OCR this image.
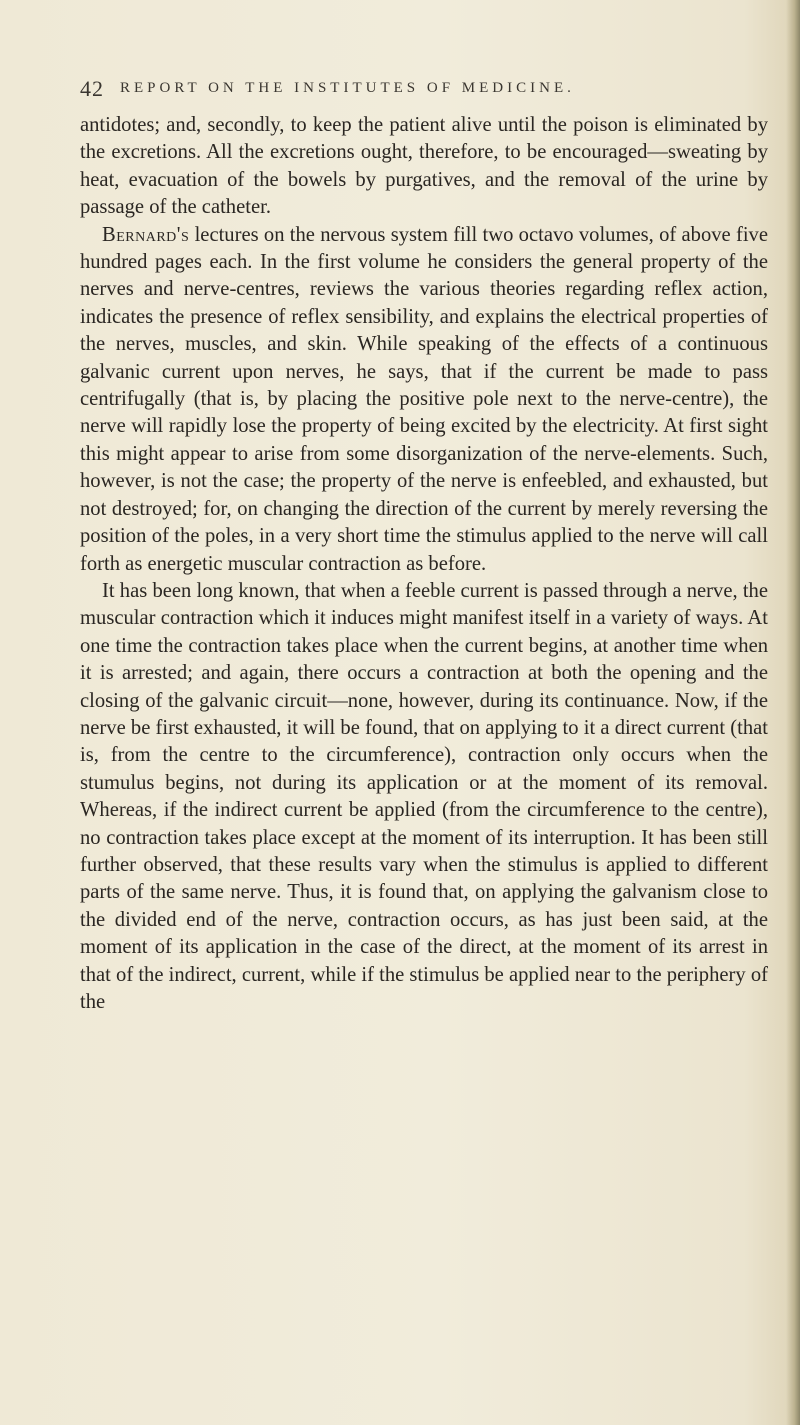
42 REPORT ON THE INSTITUTES OF MEDICINE.

antidotes; and, secondly, to keep the patient alive until the poison is eliminated by the excretions. All the excretions ought, therefore, to be encouraged—sweating by heat, evacuation of the bowels by purgatives, and the removal of the urine by passage of the catheter.

Bernard's lectures on the nervous system fill two octavo volumes, of above five hundred pages each. In the first volume he considers the general property of the nerves and nerve-centres, reviews the various theories regarding reflex action, indicates the presence of reflex sensibility, and explains the electrical properties of the nerves, muscles, and skin. While speaking of the effects of a continuous galvanic current upon nerves, he says, that if the current be made to pass centrifugally (that is, by placing the positive pole next to the nerve-centre), the nerve will rapidly lose the property of being excited by the electricity. At first sight this might appear to arise from some disorganization of the nerve-elements. Such, however, is not the case; the property of the nerve is enfeebled, and exhausted, but not destroyed; for, on changing the direction of the current by merely reversing the position of the poles, in a very short time the stimulus applied to the nerve will call forth as energetic muscular contraction as before.

It has been long known, that when a feeble current is passed through a nerve, the muscular contraction which it induces might manifest itself in a variety of ways. At one time the contraction takes place when the current begins, at another time when it is arrested; and again, there occurs a contraction at both the opening and the closing of the galvanic circuit—none, however, during its continuance. Now, if the nerve be first exhausted, it will be found, that on applying to it a direct current (that is, from the centre to the circumference), contraction only occurs when the stumulus begins, not during its application or at the moment of its removal. Whereas, if the indirect current be applied (from the circumference to the centre), no contraction takes place except at the moment of its interruption. It has been still further observed, that these results vary when the stimulus is applied to different parts of the same nerve. Thus, it is found that, on applying the galvanism close to the divided end of the nerve, contraction occurs, as has just been said, at the moment of its application in the case of the direct, at the moment of its arrest in that of the indirect, current, while if the stimulus be applied near to the periphery of the
